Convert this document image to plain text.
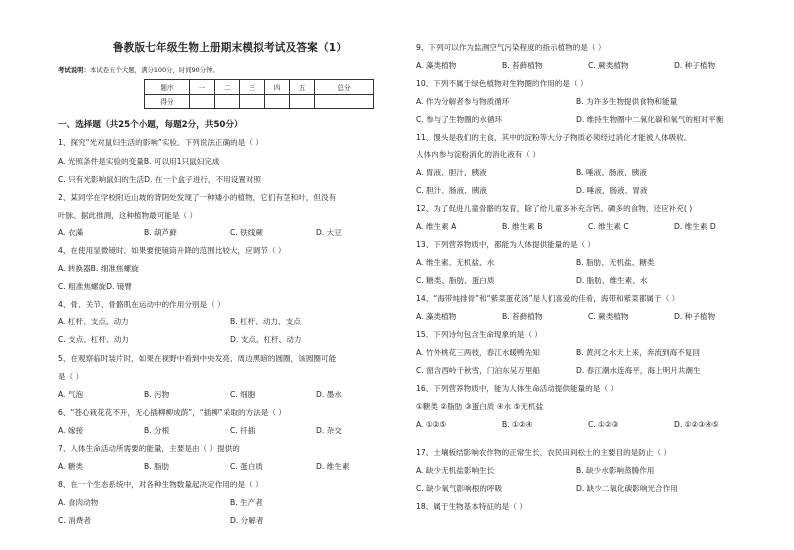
鲁教版七年级生物上册期末模拟考试及答案（1）
考试说明：本试卷五个大题，满分100分，时间90分钟。
题序	一	二	三	四	五	总分
得分						
一、选择题（共25个小题，每题2分，共50分）
1、探究“光对鼠妇生活的影响”实验。下列说法正确的是（ ）
A. 光照条件是实验的变量B. 可以用1只鼠妇完成
C. 只有光影响鼠妇的生活D. 在一个盒子进行，不用设置对照
2、某同学在学校附近山坡的背阴处发现了一种矮小的植物，它们有茎和叶，但没有
叶脉。据此推测，这种植物最可能是（ ）
A. 衣藻	B. 葫芦藓	C. 铁线蕨	D. 大豆
4、在使用显微镜时，如果要使镜筒升降的范围比较大，应调节（ ）
A. 转换器B. 细准焦螺旋
C. 粗准焦螺旋D. 镜臂
4、骨、关节、骨骼肌在运动中的作用分别是（ ）
A. 杠杆、支点、动力	B. 杠杆、动力、支点
C. 支点、杠杆、动力	D. 支点、杠杆、动力
5、在观察临时装片时，如果在视野中看到中央发亮、周边黑暗的圆圈，该圆圈可能
是（ ）
A. 气泡	B. 污物	C. 细胞	D. 墨水
6、“苍心栽花花不开，无心插柳柳成荫”，“插柳”采取的方法是（ ）
A. 嫁接	B. 分根	C. 扦插	D. 杂交
7、人体生命活动所需要的能量，主要是由（ ）提供的
A. 糖类	B. 脂肪	C. 蛋白质	D. 维生素
8、在一个生态系统中，对各种生物数量起决定作用的是（ ）
A. 食肉动物	B. 生产者
C. 消费者	D. 分解者
9、下列可以作为监测空气污染程度的指示植物的是（ ）
A. 藻类植物	B. 苔藓植物	C. 蕨类植物	D. 种子植物
10、下列不属于绿色植物对生物圈的作用的是（ ）
A. 作为分解者参与物质循环	B. 为许多生物提供食物和能量
C. 参与了生物圈的水循环	D. 维持生物圈中二氧化碳和氧气的相对平衡
11、馒头是我们的主食，其中的淀粉等大分子物质必须经过消化才能被人体吸收。
人体内参与淀粉消化的消化液有（ ）
A. 胃液、胆汁、胰液	B. 唾液、肠液、胰液
C. 胆汁、肠液、胰液	D. 唾液、肠液、胃液
12、为了促进儿童骨骼的发育，除了给儿童多补充含钙、磷多的食物，还应补充( )
A. 维生素 A	B. 维生素 B	C. 维生素 C	D. 维生素 D
13、下列营养物质中，都能为人体提供能量的是（ ）
A. 维生素、无机盐、水	B. 脂肪、无机盐、糖类
C. 糖类、脂肪、蛋白质	D. 脂肪、维生素、水
14、“海带炖排骨”和“紫菜蛋花汤”是人们喜爱的佳肴，海带和紫菜都属于（ ）
A. 藻类植物	B. 苔藓植物	C. 蕨类植物	D. 种子植物
15、下列诗句包含生命现象的是（ ）
A. 竹外桃花三两枝，春江水暖鸭先知	B. 黄河之水天上来，奔流到海不复回
C. 窗含西岭千秋雪，门泊东吴万里船	D. 春江潮水连海平，海上明月共潮生
16、下列营养物质中，能为人体生命活动提供能量的是（ ）
①糖类 ②脂肪 ③蛋白质 ④水 ⑤无机盐
A. ①②⑤	B. ①②④	C. ①②③	D. ①②③④⑤
17、土壤板结影响农作物的正常生长，农民田间松土的主要目的是防止（ ）
A. 缺少无机盐影响生长	B. 缺少水影响蒸腾作用
C. 缺少氧气影响根的呼吸	D. 缺少二氧化碳影响光合作用
18、属于生物基本特征的是（ ）
